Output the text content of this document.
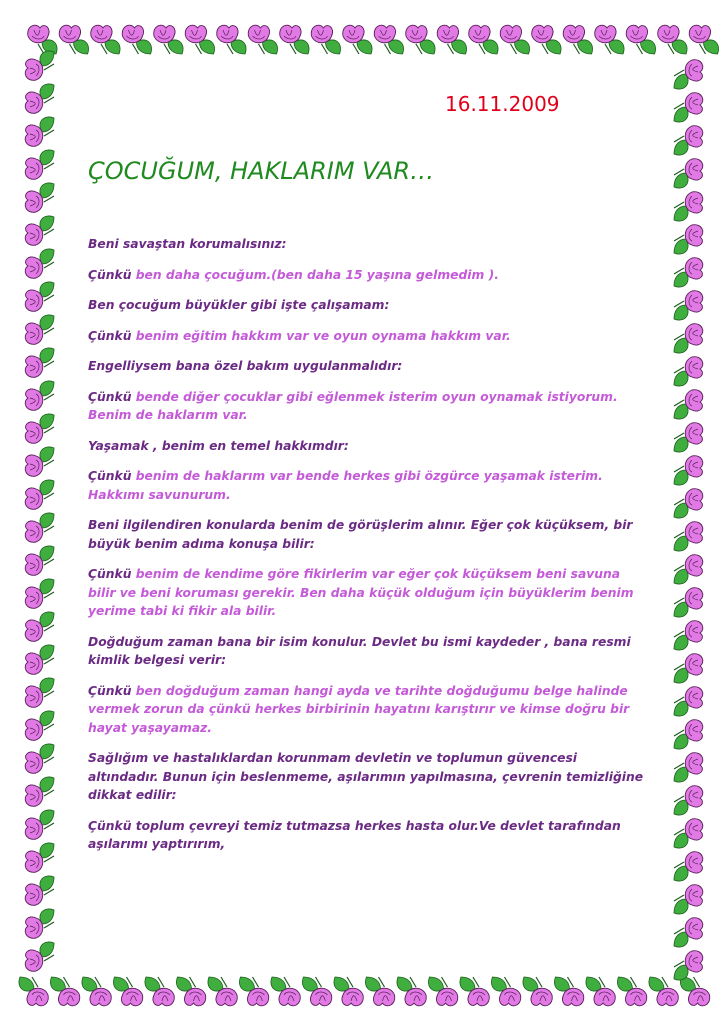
16.11.2009
ÇOCUĞUM, HAKLARIM VAR…

Beni savaştan korumalısınız:

Çünkü ben daha çocuğum.(ben daha 15 yaşına gelmedim ).

Ben çocuğum büyükler gibi işte çalışamam:

Çünkü benim eğitim hakkım var ve oyun oynama hakkım var.

Engelliysem bana özel bakım uygulanmalıdır:

Çünkü bende diğer çocuklar gibi eğlenmek isterim oyun oynamak istiyorum. Benim de haklarım var.

Yaşamak , benim en temel hakkımdır:

Çünkü benim de haklarım var bende herkes gibi özgürce yaşamak isterim. Hakkımı savunurum.

Beni ilgilendiren konularda benim de görüşlerim alınır. Eğer çok küçüksem, bir büyük benim adıma konuşa bilir:

Çünkü benim de kendime göre fikirlerim var eğer çok küçüksem beni savuna bilir ve beni koruması gerekir. Ben daha küçük olduğum için büyüklerim benim yerime tabi ki fikir ala bilir.

Doğduğum zaman bana bir isim konulur. Devlet bu ismi kaydeder , bana resmi kimlik belgesi verir:

Çünkü ben doğduğum zaman hangi ayda ve tarihte doğduğumu belge halinde vermek zorun da çünkü herkes birbirinin hayatını karıştırır ve kimse doğru bir hayat yaşayamaz.

Sağlığım ve hastalıklardan korunmam devletin ve toplumun güvencesi altındadır. Bunun için beslenmeme, aşılarımın yapılmasına, çevrenin temizliğine dikkat edilir:

Çünkü toplum çevreyi temiz tutmazsa herkes hasta olur.Ve devlet tarafından aşılarımı yaptırırım,
